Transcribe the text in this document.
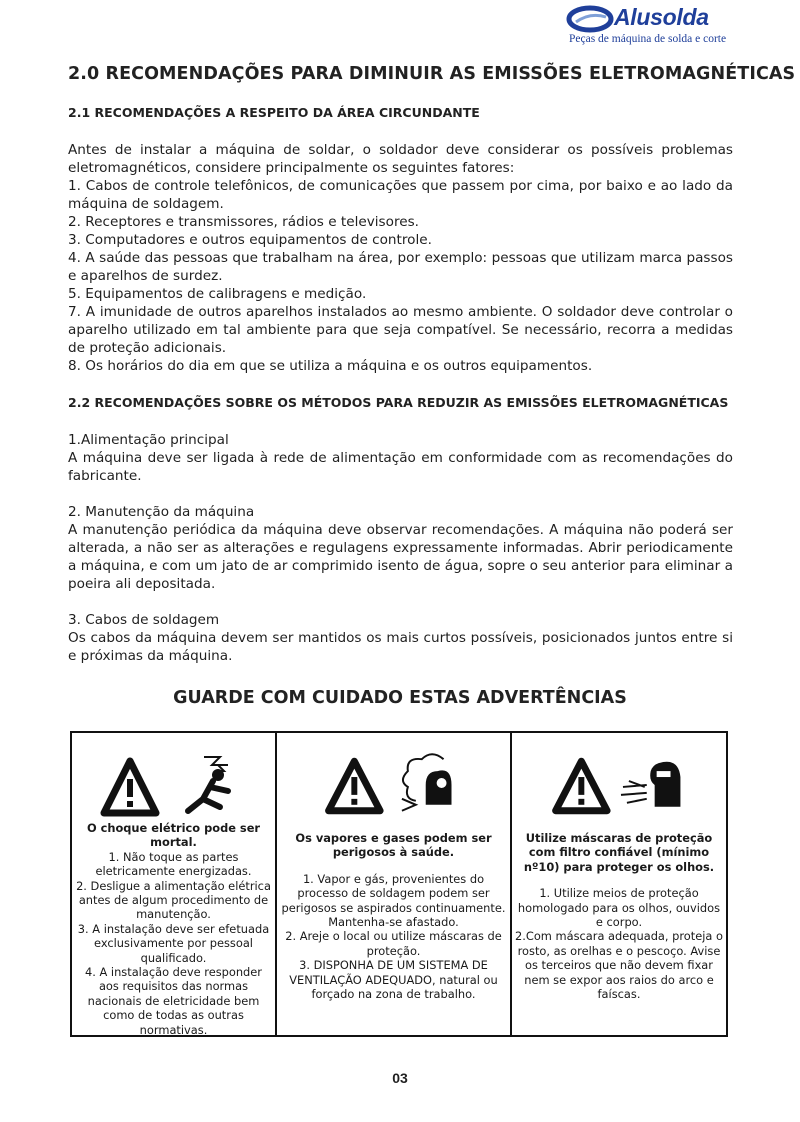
Alusolda
Peças de máquina de solda e corte
2.0 RECOMENDAÇÕES PARA DIMINUIR AS EMISSÕES ELETROMAGNÉTICAS
2.1 RECOMENDAÇÕES A RESPEITO DA ÁREA CIRCUNDANTE

Antes de instalar a máquina de soldar, o soldador deve considerar os possíveis problemas eletromagnéticos, considere principalmente os seguintes fatores:

1. Cabos de controle telefônicos, de comunicações que passem por cima, por baixo e ao lado da máquina de soldagem.

2. Receptores e transmissores, rádios e televisores.

3. Computadores e outros equipamentos de controle.

4. A saúde das pessoas que trabalham na área, por exemplo: pessoas que utilizam marca passos e aparelhos de surdez.

5. Equipamentos de calibragens e medição.

7. A imunidade de outros aparelhos instalados ao mesmo ambiente. O soldador deve controlar o aparelho utilizado em tal ambiente para que seja compatível. Se necessário, recorra a medidas de proteção adicionais.

8. Os horários do dia em que se utiliza a máquina e os outros equipamentos.

2.2 RECOMENDAÇÕES SOBRE OS MÉTODOS PARA REDUZIR AS EMISSÕES ELETROMAGNÉTICAS

1.Alimentação principal

A máquina deve ser ligada à rede de alimentação em conformidade com as recomendações do fabricante.

2. Manutenção da máquina

A manutenção periódica da máquina deve observar recomendações. A máquina não poderá ser alterada, a não ser as alterações e regulagens expressamente informadas. Abrir periodicamente a máquina, e com um jato de ar comprimido isento de água, sopre o seu anterior para eliminar a poeira ali depositada.

3. Cabos de soldagem

Os cabos da máquina devem ser mantidos os mais curtos possíveis, posicionados juntos entre si e próximas da máquina.

GUARDE COM CUIDADO ESTAS ADVERTÊNCIAS
O choque elétrico pode ser mortal.
1. Não toque as partes eletricamente energizadas.
2. Desligue a alimentação elétrica antes de algum procedimento de manutenção.
3. A instalação deve ser efetuada exclusivamente por pessoal qualificado.
4. A instalação deve responder aos requisitos das normas nacionais de eletricidade bem como de todas as outras normativas.
Os vapores e gases podem ser perigosos à saúde.
1. Vapor e gás, provenientes do processo de soldagem podem ser perigosos se aspirados continuamente. Mantenha-se afastado.
2. Areje o local ou utilize máscaras de proteção.
3. DISPONHA DE UM SISTEMA DE VENTILAÇÃO ADEQUADO, natural ou forçado na zona de trabalho.
Utilize máscaras de proteção com filtro confiável (mínimo nº10) para proteger os olhos.
1. Utilize meios de proteção homologado para os olhos, ouvidos e corpo.
2.Com máscara adequada, proteja o rosto, as orelhas e o pescoço. Avise os terceiros que não devem fixar nem se expor aos raios do arco e faíscas.
03
